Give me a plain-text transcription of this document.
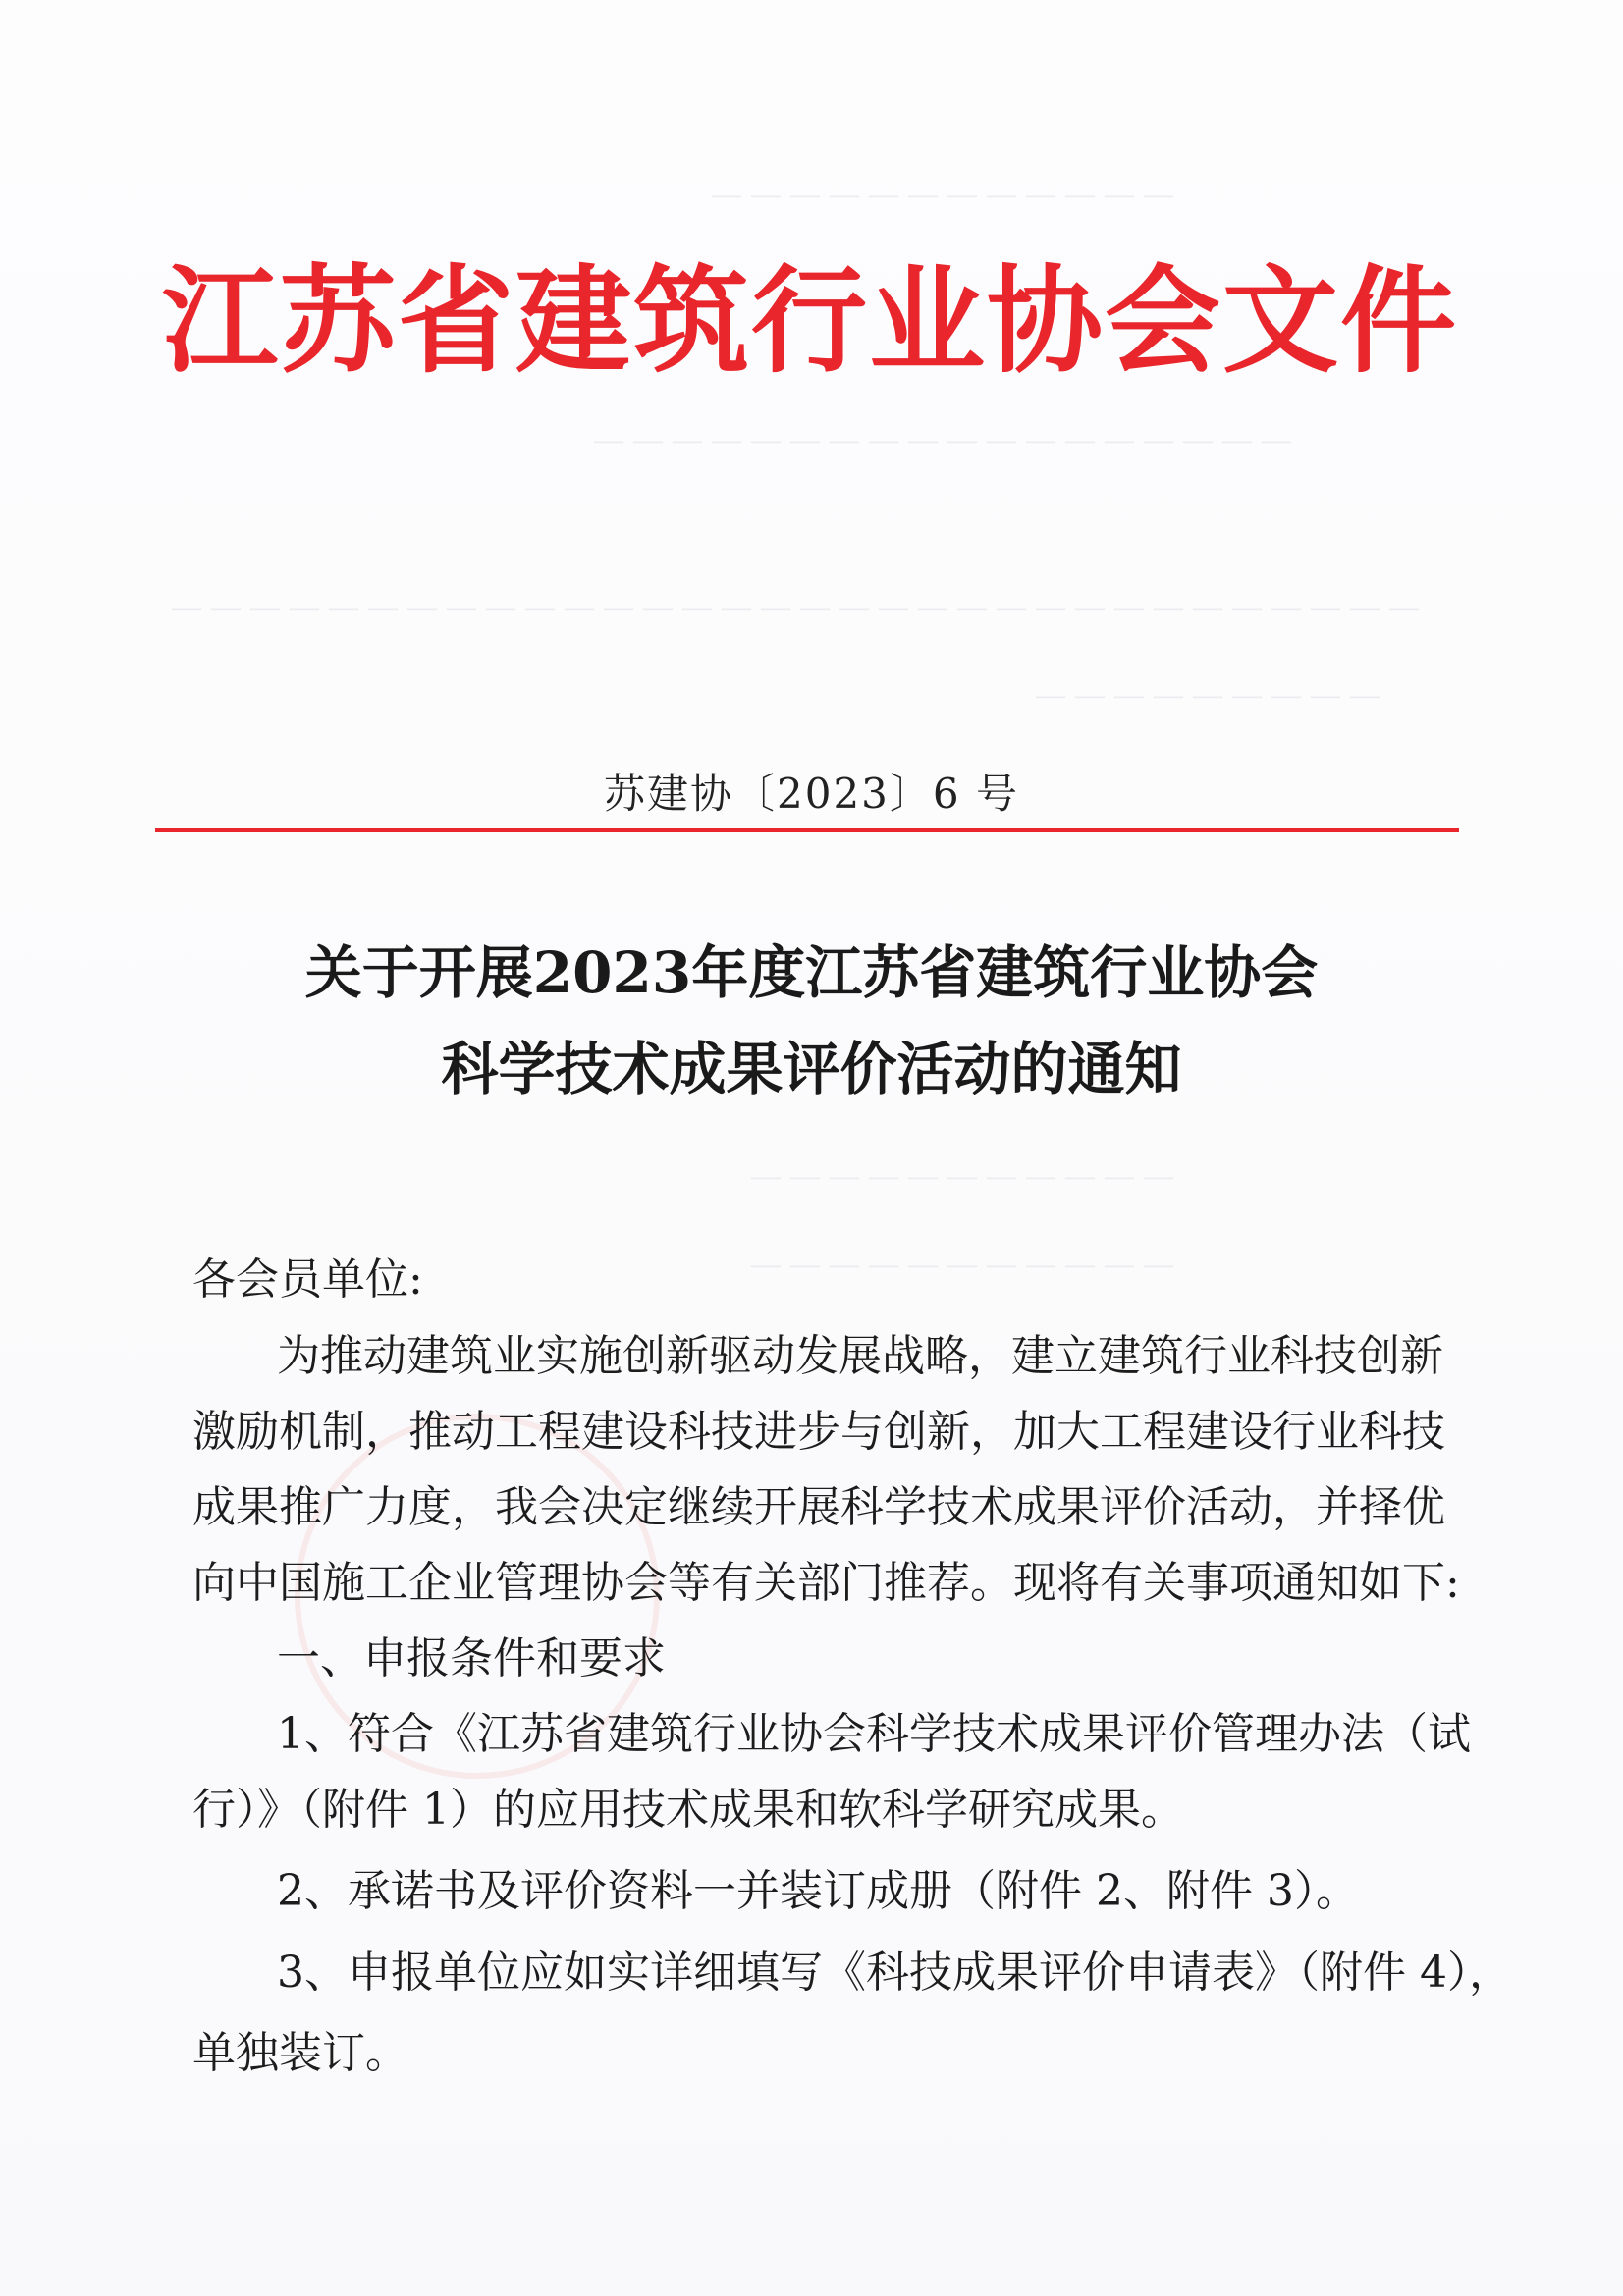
－－－－－－－－－－－－
－－－－－－－－－－－－－－－－－－
－－－－－－－－－－－－－－－－－－－－－－－－－－－－－－－－
－－－－－－－－－
－－－－－－－－－－－
－－－－－－－－－－－
江苏省建筑行业协会文件
苏建协〔2023〕6 号
关于开展2023年度江苏省建筑行业协会
科学技术成果评价活动的通知
各会员单位:
为推动建筑业实施创新驱动发展战略，建立建筑行业科技创新
激励机制，推动工程建设科技进步与创新，加大工程建设行业科技
成果推广力度，我会决定继续开展科学技术成果评价活动，并择优
向中国施工企业管理协会等有关部门推荐。现将有关事项通知如下:
一、申报条件和要求
1、符合《江苏省建筑行业协会科学技术成果评价管理办法（试
行）》（附件 1）的应用技术成果和软科学研究成果。
2、承诺书及评价资料一并装订成册（附件 2、附件 3）。
3、申报单位应如实详细填写《科技成果评价申请表》（附件 4），
单独装订。
